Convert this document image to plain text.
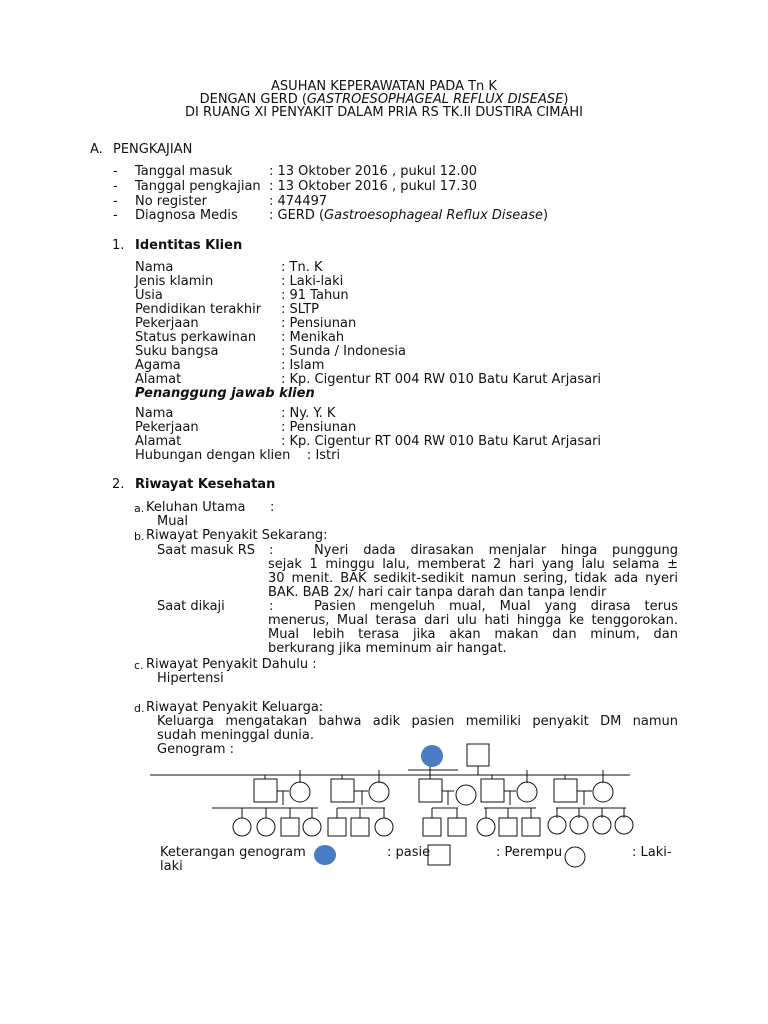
ASUHAN KEPERAWATAN PADA Tn K
DENGAN GERD (GASTROESOPHAGEAL REFLUX DISEASE)
DI RUANG XI PENYAKIT DALAM PRIA RS TK.II DUSTIRA CIMAHI
A. PENGKAJIAN
- Tanggal masuk	: 13 Oktober 2016 , pukul 12.00
- Tanggal pengkajian : 13 Oktober 2016 , pukul 17.30
- No register	: 474497
- Diagnosa Medis : GERD (Gastroesophageal Reflux Disease)
1. Identitas Klien
Nama	: Tn. K
Jenis klamin	: Laki-laki
Usia	: 91 Tahun
Pendidikan terakhir : SLTP
Pekerjaan	: Pensiunan
Status perkawinan : Menikah
Suku bangsa	: Sunda / Indonesia
Agama	: Islam
Alamat	: Kp. Cigentur RT 004 RW 010 Batu Karut Arjasari
Penanggung jawab klien
Nama	: Ny. Y. K
Pekerjaan	: Pensiunan
Alamat	: Kp. Cigentur RT 004 RW 010 Batu Karut Arjasari
Hubungan dengan klien    : Istri
2. Riwayat Kesehatan
a. Keluhan Utama :
Mual
b. Riwayat Penyakit Sekarang:
Saat masuk RS :	Nyeri dada dirasakan menjalar hinga punggung
sejak 1 minggu lalu, memberat 2 hari yang lalu selama ±
30 menit. BAK sedikit-sedikit namun sering, tidak ada nyeri
BAK. BAB 2x/ hari cair tanpa darah dan tanpa lendir
Saat dikaji	:	Pasien mengeluh mual, Mual yang dirasa terus
menerus, Mual terasa dari ulu hati hingga ke tenggorokan.
Mual lebih terasa jika akan makan dan minum, dan
berkurang jika meminum air hangat.
c. Riwayat Penyakit Dahulu :
Hipertensi
d. Riwayat Penyakit Keluarga:
Keluarga mengatakan bahwa adik pasien memiliki penyakit DM namun
sudah meninggal dunia.
Genogram :
Keterangan genogram	: pasie	: Perempu	: Laki-
laki
